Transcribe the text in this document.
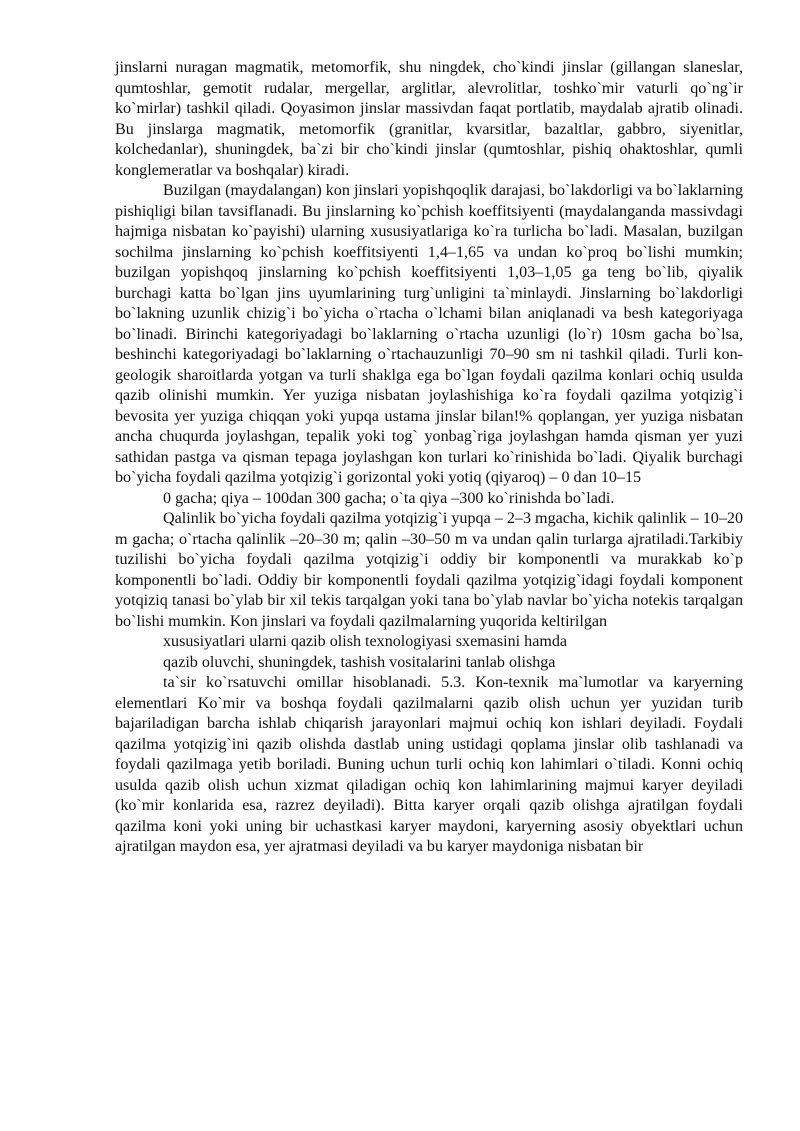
jinslarni nuragan magmatik, metomorfik, shu ningdek, cho`kindi jinslar (gillangan slaneslar, qumtoshlar, gemotit rudalar, mergellar, arglitlar, alevrolitlar, toshko`mir vaturli qo`ng`ir ko`mirlar) tashkil qiladi. Qoyasimon jinslar massivdan faqat portlatib, maydalab ajratib olinadi. Bu jinslarga magmatik, metomorfik (granitlar, kvarsitlar, bazaltlar, gabbro, siyenitlar, kolchedanlar), shuningdek, ba`zi bir cho`kindi jinslar (qumtoshlar, pishiq ohaktoshlar, qumli konglemeratlar va boshqalar) kiradi.

Buzilgan (maydalangan) kon jinslari yopishqoqlik darajasi, bo`lakdorligi va bo`laklarning pishiqligi bilan tavsiflanadi. Bu jinslarning ko`pchish koeffitsiyenti (maydalanganda massivdagi hajmiga nisbatan ko`payishi) ularning xususiyatlariga ko`ra turlicha bo`ladi. Masalan, buzilgan sochilma jinslarning ko`pchish koeffitsiyenti 1,4–1,65 va undan ko`proq bo`lishi mumkin; buzilgan yopishqoq jinslarning ko`pchish koeffitsiyenti 1,03–1,05 ga teng bo`lib, qiyalik burchagi katta bo`lgan jins uyumlarining turg`unligini ta`minlaydi. Jinslarning bo`lakdorligi bo`lakning uzunlik chizig`i bo`yicha o`rtacha o`lchami bilan aniqlanadi va besh kategoriyaga bo`linadi. Birinchi kategoriyadagi bo`laklarning o`rtacha uzunligi (lo`r) 10sm gacha bo`lsa, beshinchi kategoriyadagi bo`laklarning o`rtachauzunligi 70–90 sm ni tashkil qiladi. Turli kon-geologik sharoitlarda yotgan va turli shaklga ega bo`lgan foydali qazilma konlari ochiq usulda qazib olinishi mumkin. Yer yuziga nisbatan joylashishiga ko`ra foydali qazilma yotqizig`i bevosita yer yuziga chiqqan yoki yupqa ustama jinslar bilan!% qoplangan, yer yuziga nisbatan ancha chuqurda joylashgan, tepalik yoki tog` yonbag`riga joylashgan hamda qisman yer yuzi sathidan pastga va qisman tepaga joylashgan kon turlari ko`rinishida bo`ladi. Qiyalik burchagi bo`yicha foydali qazilma yotqizig`i gorizontal yoki yotiq (qiyaroq) – 0 dan 10–15

0 gacha; qiya – 100dan 300 gacha; o`ta qiya –300 ko`rinishda bo`ladi.

Qalinlik bo`yicha foydali qazilma yotqizig`i yupqa – 2–3 mgacha, kichik qalinlik – 10–20 m gacha; o`rtacha qalinlik –20–30 m; qalin –30–50 m va undan qalin turlarga ajratiladi.Tarkibiy tuzilishi bo`yicha foydali qazilma yotqizig`i oddiy bir komponentli va murakkab ko`p komponentli bo`ladi. Oddiy bir komponentli foydali qazilma yotqizig`idagi foydali komponent yotqiziq tanasi bo`ylab bir xil tekis tarqalgan yoki tana bo`ylab navlar bo`yicha notekis tarqalgan bo`lishi mumkin. Kon jinslari va foydali qazilmalarning yuqorida keltirilgan

xususiyatlari ularni qazib olish texnologiyasi sxemasini hamda

qazib oluvchi, shuningdek, tashish vositalarini tanlab olishga

ta`sir ko`rsatuvchi omillar hisoblanadi. 5.3. Kon-texnik ma`lumotlar va karyerning elementlari Ko`mir va boshqa foydali qazilmalarni qazib olish uchun yer yuzidan turib bajariladigan barcha ishlab chiqarish jarayonlari majmui ochiq kon ishlari deyiladi. Foydali qazilma yotqizig`ini qazib olishda dastlab uning ustidagi qoplama jinslar olib tashlanadi va foydali qazilmaga yetib boriladi. Buning uchun turli ochiq kon lahimlari o`tiladi. Konni ochiq usulda qazib olish uchun xizmat qiladigan ochiq kon lahimlarining majmui karyer deyiladi (ko`mir konlarida esa, razrez deyiladi). Bitta karyer orqali qazib olishga ajratilgan foydali qazilma koni yoki uning bir uchastkasi karyer maydoni, karyerning asosiy obyektlari uchun ajratilgan maydon esa, yer ajratmasi deyiladi va bu karyer maydoniga nisbatan bir
